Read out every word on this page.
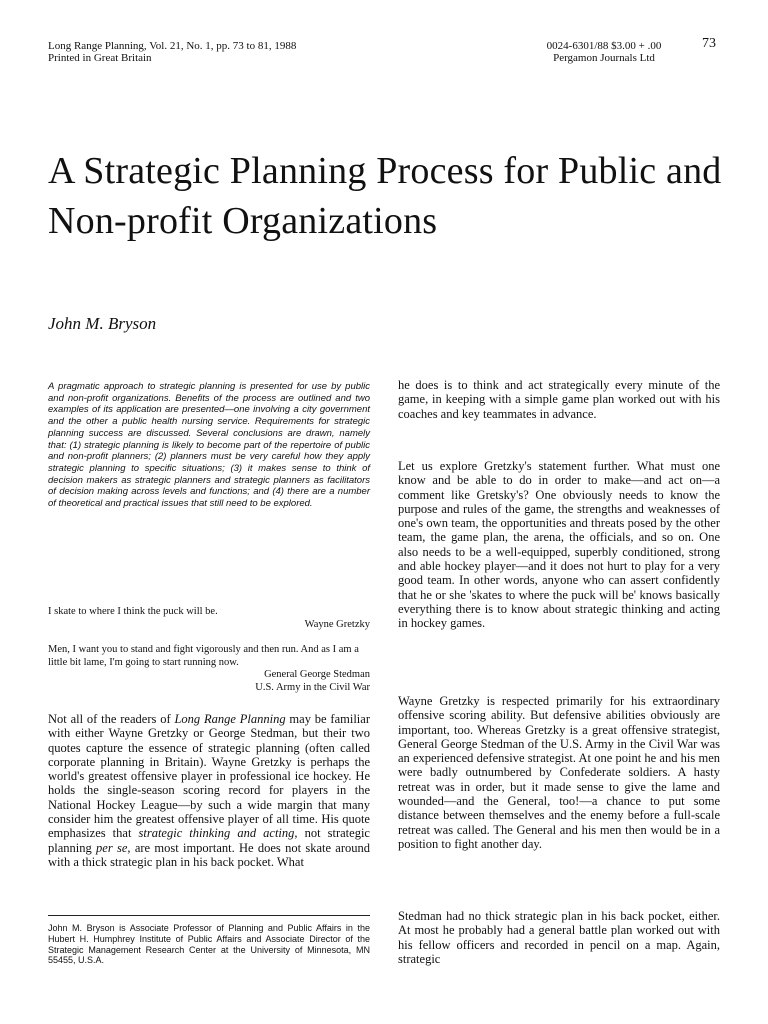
Long Range Planning, Vol. 21, No. 1, pp. 73 to 81, 1988
Printed in Great Britain
0024-6301/88 $3.00 + .00
Pergamon Journals Ltd
73
A Strategic Planning Process for Public and Non-profit Organizations
John M. Bryson

A pragmatic approach to strategic planning is presented for use by public and non-profit organizations. Benefits of the process are outlined and two examples of its application are presented—one involving a city government and the other a public health nursing service. Requirements for strategic planning success are discussed. Several conclusions are drawn, namely that: (1) strategic planning is likely to become part of the repertoire of public and non-profit planners; (2) planners must be very careful how they apply strategic planning to specific situations; (3) it makes sense to think of decision makers as strategic planners and strategic planners as facilitators of decision making across levels and functions; and (4) there are a number of theoretical and practical issues that still need to be explored.

I skate to where I think the puck will be.
Wayne Gretzky
Men, I want you to stand and fight vigorously and then run. And as I am a little bit lame, I'm going to start running now.
General George Stedman
U.S. Army in the Civil War

Not all of the readers of Long Range Planning may be familiar with either Wayne Gretzky or George Stedman, but their two quotes capture the essence of strategic planning (often called corporate planning in Britain). Wayne Gretzky is perhaps the world's greatest offensive player in professional ice hockey. He holds the single-season scoring record for players in the National Hockey League—by such a wide margin that many consider him the greatest offensive player of all time. His quote emphasizes that strategic thinking and acting, not strategic planning per se, are most important. He does not skate around with a thick strategic plan in his back pocket. What

John M. Bryson is Associate Professor of Planning and Public Affairs in the Hubert H. Humphrey Institute of Public Affairs and Associate Director of the Strategic Management Research Center at the University of Minnesota, MN 55455, U.S.A.

he does is to think and act strategically every minute of the game, in keeping with a simple game plan worked out with his coaches and key teammates in advance.

Let us explore Gretzky's statement further. What must one know and be able to do in order to make—and act on—a comment like Gretsky's? One obviously needs to know the purpose and rules of the game, the strengths and weaknesses of one's own team, the opportunities and threats posed by the other team, the game plan, the arena, the officials, and so on. One also needs to be a well-equipped, superbly conditioned, strong and able hockey player—and it does not hurt to play for a very good team. In other words, anyone who can assert confidently that he or she 'skates to where the puck will be' knows basically everything there is to know about strategic thinking and acting in hockey games.

Wayne Gretzky is respected primarily for his extraordinary offensive scoring ability. But defensive abilities obviously are important, too. Whereas Gretzky is a great offensive strategist, General George Stedman of the U.S. Army in the Civil War was an experienced defensive strategist. At one point he and his men were badly outnumbered by Confederate soldiers. A hasty retreat was in order, but it made sense to give the lame and wounded—and the General, too!—a chance to put some distance between themselves and the enemy before a full-scale retreat was called. The General and his men then would be in a position to fight another day.

Stedman had no thick strategic plan in his back pocket, either. At most he probably had a general battle plan worked out with his fellow officers and recorded in pencil on a map. Again, strategic
